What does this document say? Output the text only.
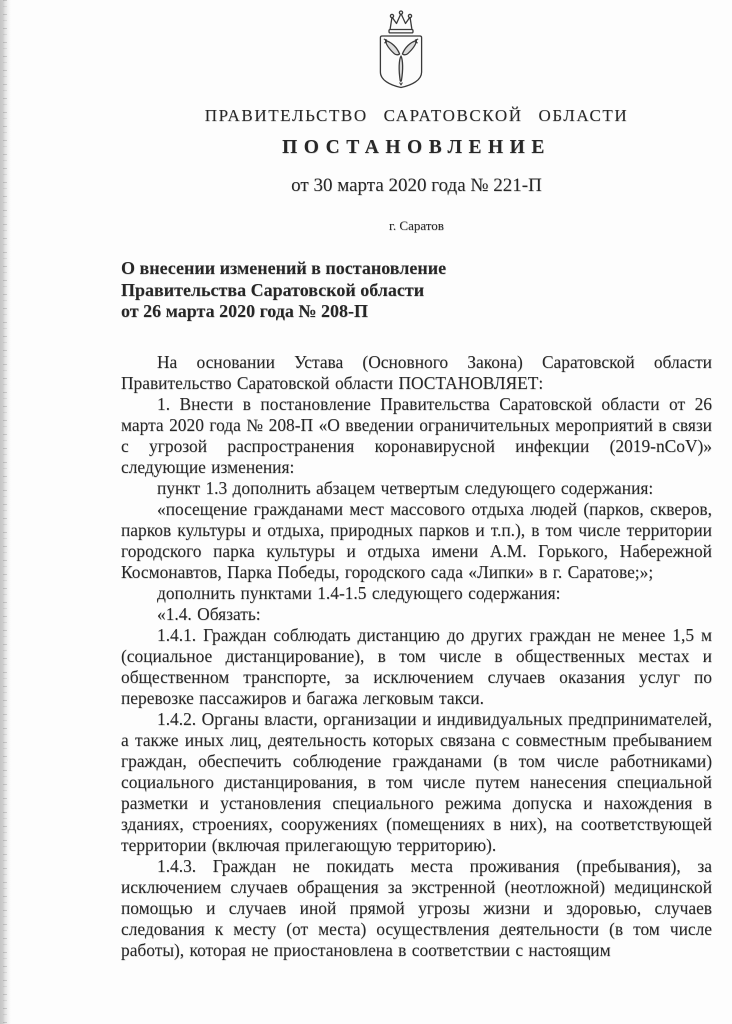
ПРАВИТЕЛЬСТВО САРАТОВСКОЙ ОБЛАСТИ
ПОСТАНОВЛЕНИЕ
от 30 марта 2020 года № 221-П
г. Саратов
О внесении изменений в постановление
Правительства Саратовской области
от 26 марта 2020 года № 208-П

На основании Устава (Основного Закона) Саратовской области Правительство Саратовской области ПОСТАНОВЛЯЕТ:

1. Внести в постановление Правительства Саратовской области от 26 марта 2020 года № 208-П «О введении ограничительных мероприятий в связи с угрозой распространения коронавирусной инфекции (2019-nCoV)» следующие изменения:

пункт 1.3 дополнить абзацем четвертым следующего содержания:

«посещение гражданами мест массового отдыха людей (парков, скверов, парков культуры и отдыха, природных парков и т.п.), в том числе территории городского парка культуры и отдыха имени А.М. Горького, Набережной Космонавтов, Парка Победы, городского сада «Липки» в г. Саратове;»;

дополнить пунктами 1.4-1.5 следующего содержания:

«1.4. Обязать:

1.4.1. Граждан соблюдать дистанцию до других граждан не менее 1,5 м (социальное дистанцирование), в том числе в общественных местах и общественном транспорте, за исключением случаев оказания услуг по перевозке пассажиров и багажа легковым такси.

1.4.2. Органы власти, организации и индивидуальных предпринимателей, а также иных лиц, деятельность которых связана с совместным пребыванием граждан, обеспечить соблюдение гражданами (в том числе работниками) социального дистанцирования, в том числе путем нанесения специальной разметки и установления специального режима допуска и нахождения в зданиях, строениях, сооружениях (помещениях в них), на соответствующей территории (включая прилегающую территорию).

1.4.3. Граждан не покидать места проживания (пребывания), за исключением случаев обращения за экстренной (неотложной) медицинской помощью и случаев иной прямой угрозы жизни и здоровью, случаев следования к месту (от места) осуществления деятельности (в том числе работы), которая не приостановлена в соответствии с настоящим
